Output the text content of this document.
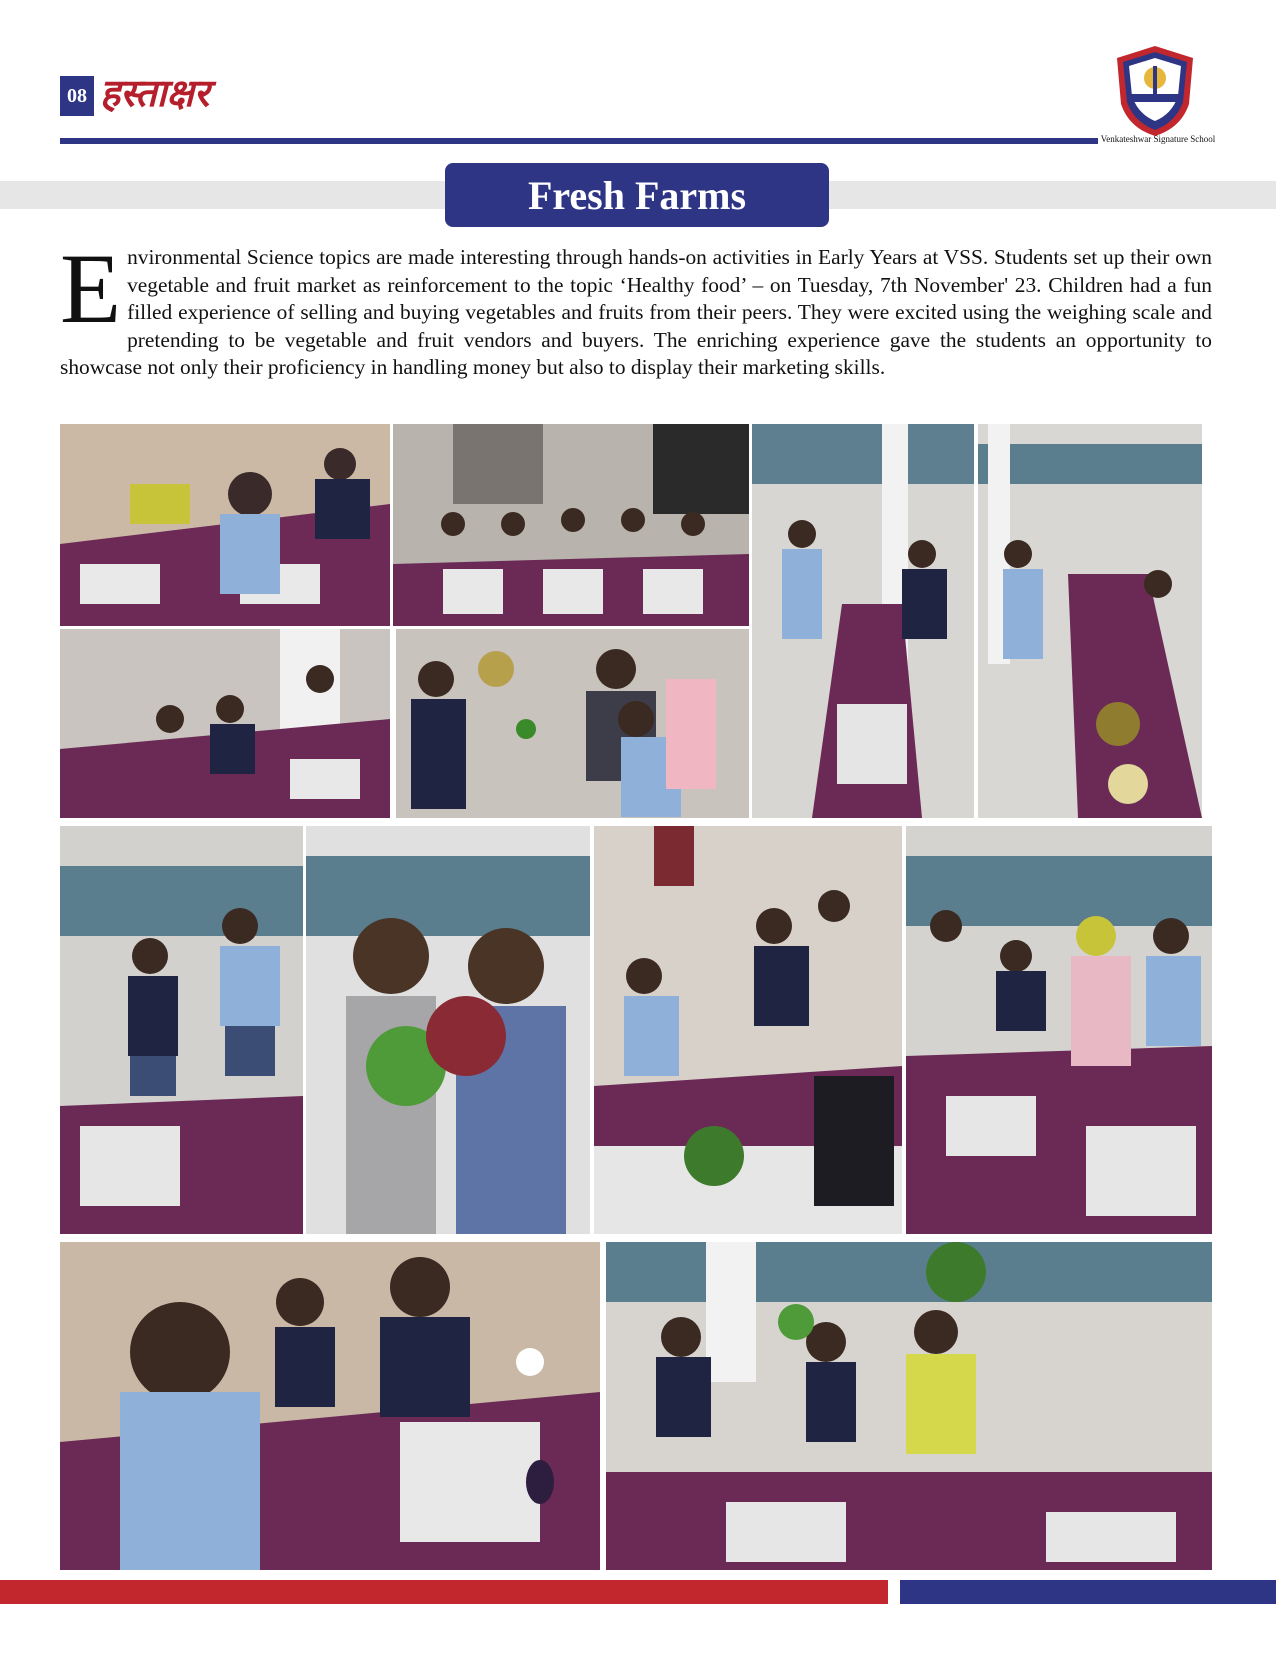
08 हस्ताक्षर
Venkateshwar Signature School
Fresh Farms
E nvironmental Science topics are made interesting through hands-on activities in Early Years at VSS. Students set up their own vegetable and fruit market as reinforcement to the topic ‘Healthy food’ – on Tuesday, 7th November' 23. Children had a fun filled experience of selling and buying vegetables and fruits from their peers. They were excited using the weighing scale and pretending to be vegetable and fruit vendors and buyers. The enriching experience gave the students an opportunity to showcase not only their proficiency in handling money but also to display their marketing skills.
